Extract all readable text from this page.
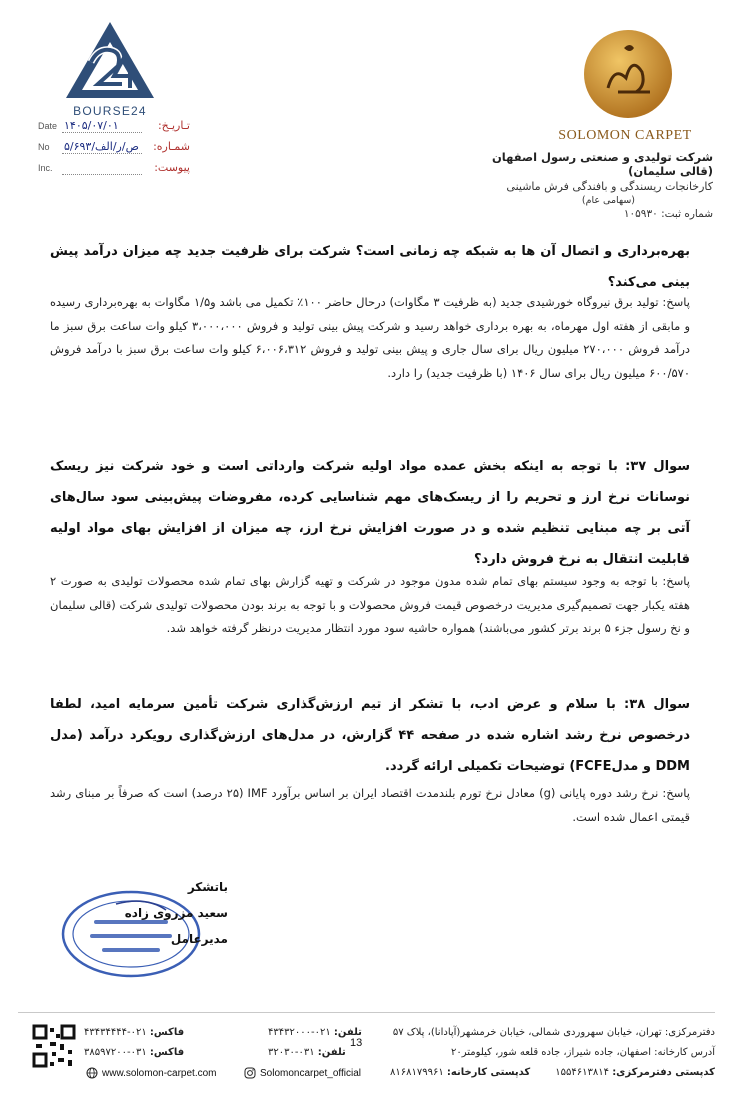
BOURSE24
Date ۱۴۰۵/۰۷/۰۱	تـاریـخ:
No ۵/۶۹۳/ص/ر/الف شمـاره:
Inc.	پیوست:
SOLOMON CARPET
شرکت تولیدی و صنعتی رسول اصفهان (قالی سلیمان)
کارخانجات ریسندگی و بافندگی فرش ماشینی
(سهامی عام)
شماره ثبت: ۱۰۵۹۳۰
بهره‌برداری و اتصال آن ها به شبکه چه زمانی است؟ شرکت برای ظرفیت جدید چه میزان درآمد پیش بینی می‌کند؟
پاسخ: تولید برق نیروگاه خورشیدی جدید (به ظرفیت ۳ مگاوات) درحال حاضر ۱۰۰٪ تکمیل می باشد و۱/۵ مگاوات به بهره‌برداری رسیده و مابقی از هفته اول مهرماه، به بهره برداری خواهد رسید و شرکت پیش بینی تولید و فروش ۳،۰۰۰،۰۰۰ کیلو وات ساعت برق سبز ما درآمد فروش ۲۷۰،۰۰۰ میلیون ریال برای سال جاری و پیش بینی تولید و فروش ۶،۰۰۶،۳۱۲ کیلو وات ساعت برق سبز با درآمد فروش ۶۰۰/۵۷۰ میلیون ریال برای سال ۱۴۰۶ (با ظرفیت جدید) را دارد.
سوال ۳۷: با توجه به اینکه بخش عمده مواد اولیه شرکت وارداتی است و خود شرکت نیز ریسک نوسانات نرخ ارز و تحریم را از ریسک‌های مهم شناسایی کرده، مفروضات پیش‌بینی سود سال‌های آتی بر چه مبنایی تنظیم شده و در صورت افزایش نرخ ارز، چه میزان از افزایش بهای مواد اولیه قابلیت انتقال به نرخ فروش دارد؟
پاسخ: با توجه به وجود سیستم بهای تمام شده مدون موجود در شرکت و تهیه گزارش بهای تمام شده محصولات تولیدی به صورت ۲ هفته یکبار جهت تصمیم‌گیری مدیریت درخصوص قیمت فروش محصولات و با توجه به برند بودن محصولات تولیدی شرکت (قالی سلیمان و نخ رسول جزء ۵ برند برتر کشور می‌باشند) همواره حاشیه سود مورد انتظار مدیریت درنظر گرفته خواهد شد.
سوال ۳۸: با سلام و عرض ادب، با تشکر از تیم ارزش‌گذاری شرکت تأمین سرمایه امید، لطفا درخصوص نرخ رشد اشاره شده در صفحه ۴۴ گزارش، در مدل‌های ارزش‌گذاری رویکرد درآمد (مدل DDM و مدلFCFE) توضیحات تکمیلی ارائه گردد.
پاسخ: نرخ رشد دوره پایانی (g) معادل نرخ تورم بلندمدت اقتصاد ایران بر اساس برآورد IMF (۲۵ درصد) است که صرفاً بر مبنای رشد قیمتی اعمال شده است.
باتشکر
سعید مزروی زاده
مدیرعامل
دفترمرکزی: تهران، خیابان سهروردی شمالی، خیابان خرمشهر(آپادانا)، پلاک ۵۷
آدرس کارخانه: اصفهان، جاده شیراز، جاده قلعه شور، کیلومتر۲۰
کدپستی دفترمرکزی: ۱۵۵۴۶۱۳۸۱۴
کدپستی کارخانه: ۸۱۶۸۱۷۹۹۶۱
تلفن: ۰۲۱-۴۳۴۳۲۰۰۰
تلفن: ۰۳۱-۳۲۰۳۰
فاکس: ۰۲۱-۴۳۴۳۴۴۴۴
فاکس: ۰۳۱-۳۸۵۹۷۲۰۰
13
www.solomon-carpet.com	Solomoncarpet_official
